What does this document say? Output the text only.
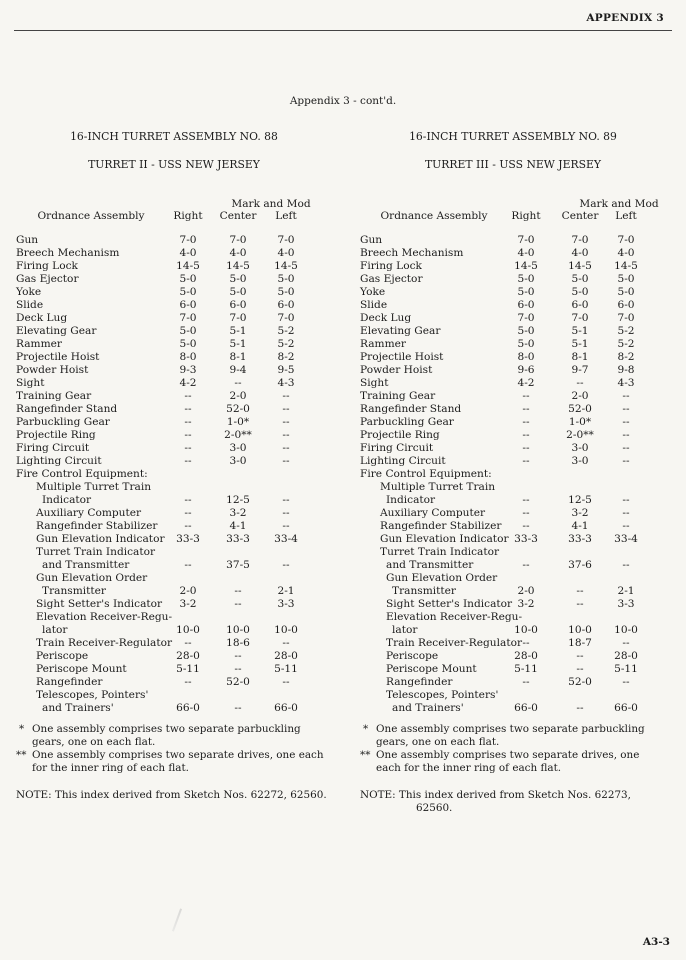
APPENDIX 3
Appendix 3 - cont'd.
16-INCH TURRET ASSEMBLY NO. 88
TURRET II - USS NEW JERSEY
Mark and Mod
Ordnance Assembly	Right	Center	Left
Gun	7-0	7-0	7-0
Breech Mechanism	4-0	4-0	4-0
Firing Lock	14-5	14-5	14-5
Gas Ejector	5-0	5-0	5-0
Yoke	5-0	5-0	5-0
Slide	6-0	6-0	6-0
Deck Lug	7-0	7-0	7-0
Elevating Gear	5-0	5-1	5-2
Rammer	5-0	5-1	5-2
Projectile Hoist	8-0	8-1	8-2
Powder Hoist	9-3	9-4	9-5
Sight	4-2	--	4-3
Training Gear	--	2-0	--
Rangefinder Stand	--	52-0	--
Parbuckling Gear	--	1-0*	--
Projectile Ring	--	2-0**	--
Firing Circuit	--	3-0	--
Lighting Circuit	--	3-0	--
Fire Control Equipment:
Multiple Turret Train
Indicator	--	12-5	--
Auxiliary Computer	--	3-2	--
Rangefinder Stabilizer	--	4-1	--
Gun Elevation Indicator	33-3	33-3	33-4
Turret Train Indicator
and Transmitter	--	37-5	--
Gun Elevation Order
Transmitter	2-0	--	2-1
Sight Setter's Indicator	3-2	--	3-3
Elevation Receiver-Regu-
lator	10-0	10-0	10-0
Train Receiver-Regulator	--	18-6	--
Periscope	28-0	--	28-0
Periscope Mount	5-11	--	5-11
Rangefinder	--	52-0	--
Telescopes, Pointers'
and Trainers'	66-0	--	66-0
* One assembly comprises two separate parbuckling gears, one on each flat.
** One assembly comprises two separate drives, one each for the inner ring of each flat.
NOTE: This index derived from Sketch Nos. 62272, 62560.
16-INCH TURRET ASSEMBLY NO. 89
TURRET III - USS NEW JERSEY
Mark and Mod
Ordnance Assembly	Right	Center	Left
Gun	7-0	7-0	7-0
Breech Mechanism	4-0	4-0	4-0
Firing Lock	14-5	14-5	14-5
Gas Ejector	5-0	5-0	5-0
Yoke	5-0	5-0	5-0
Slide	6-0	6-0	6-0
Deck Lug	7-0	7-0	7-0
Elevating Gear	5-0	5-1	5-2
Rammer	5-0	5-1	5-2
Projectile Hoist	8-0	8-1	8-2
Powder Hoist	9-6	9-7	9-8
Sight	4-2	--	4-3
Training Gear	--	2-0	--
Rangefinder Stand	--	52-0	--
Parbuckling Gear	--	1-0*	--
Projectile Ring	--	2-0**	--
Firing Circuit	--	3-0	--
Lighting Circuit	--	3-0	--
Fire Control Equipment:
Multiple Turret Train
Indicator	--	12-5	--
Auxiliary Computer	--	3-2	--
Rangefinder Stabilizer	--	4-1	--
Gun Elevation Indicator 33-3	33-3	33-4
Turret Train Indicator
and Transmitter	--	37-6	--
Gun Elevation Order
Transmitter	2-0	--	2-1
Sight Setter's Indicator 3-2	--	3-3
Elevation Receiver-Regu-
lator	10-0	10-0	10-0
Train Receiver-Regulator --	18-7	--
Periscope	28-0	--	28-0
Periscope Mount	5-11	--	5-11
Rangefinder	--	52-0	--
Telescopes, Pointers'
and Trainers'	66-0	--	66-0
* One assembly comprises two separate parbuckling gears, one on each flat.
** One assembly comprises two separate drives, one each for the inner ring of each flat.
NOTE: This index derived from Sketch Nos. 62273, 62560.
A3-3
